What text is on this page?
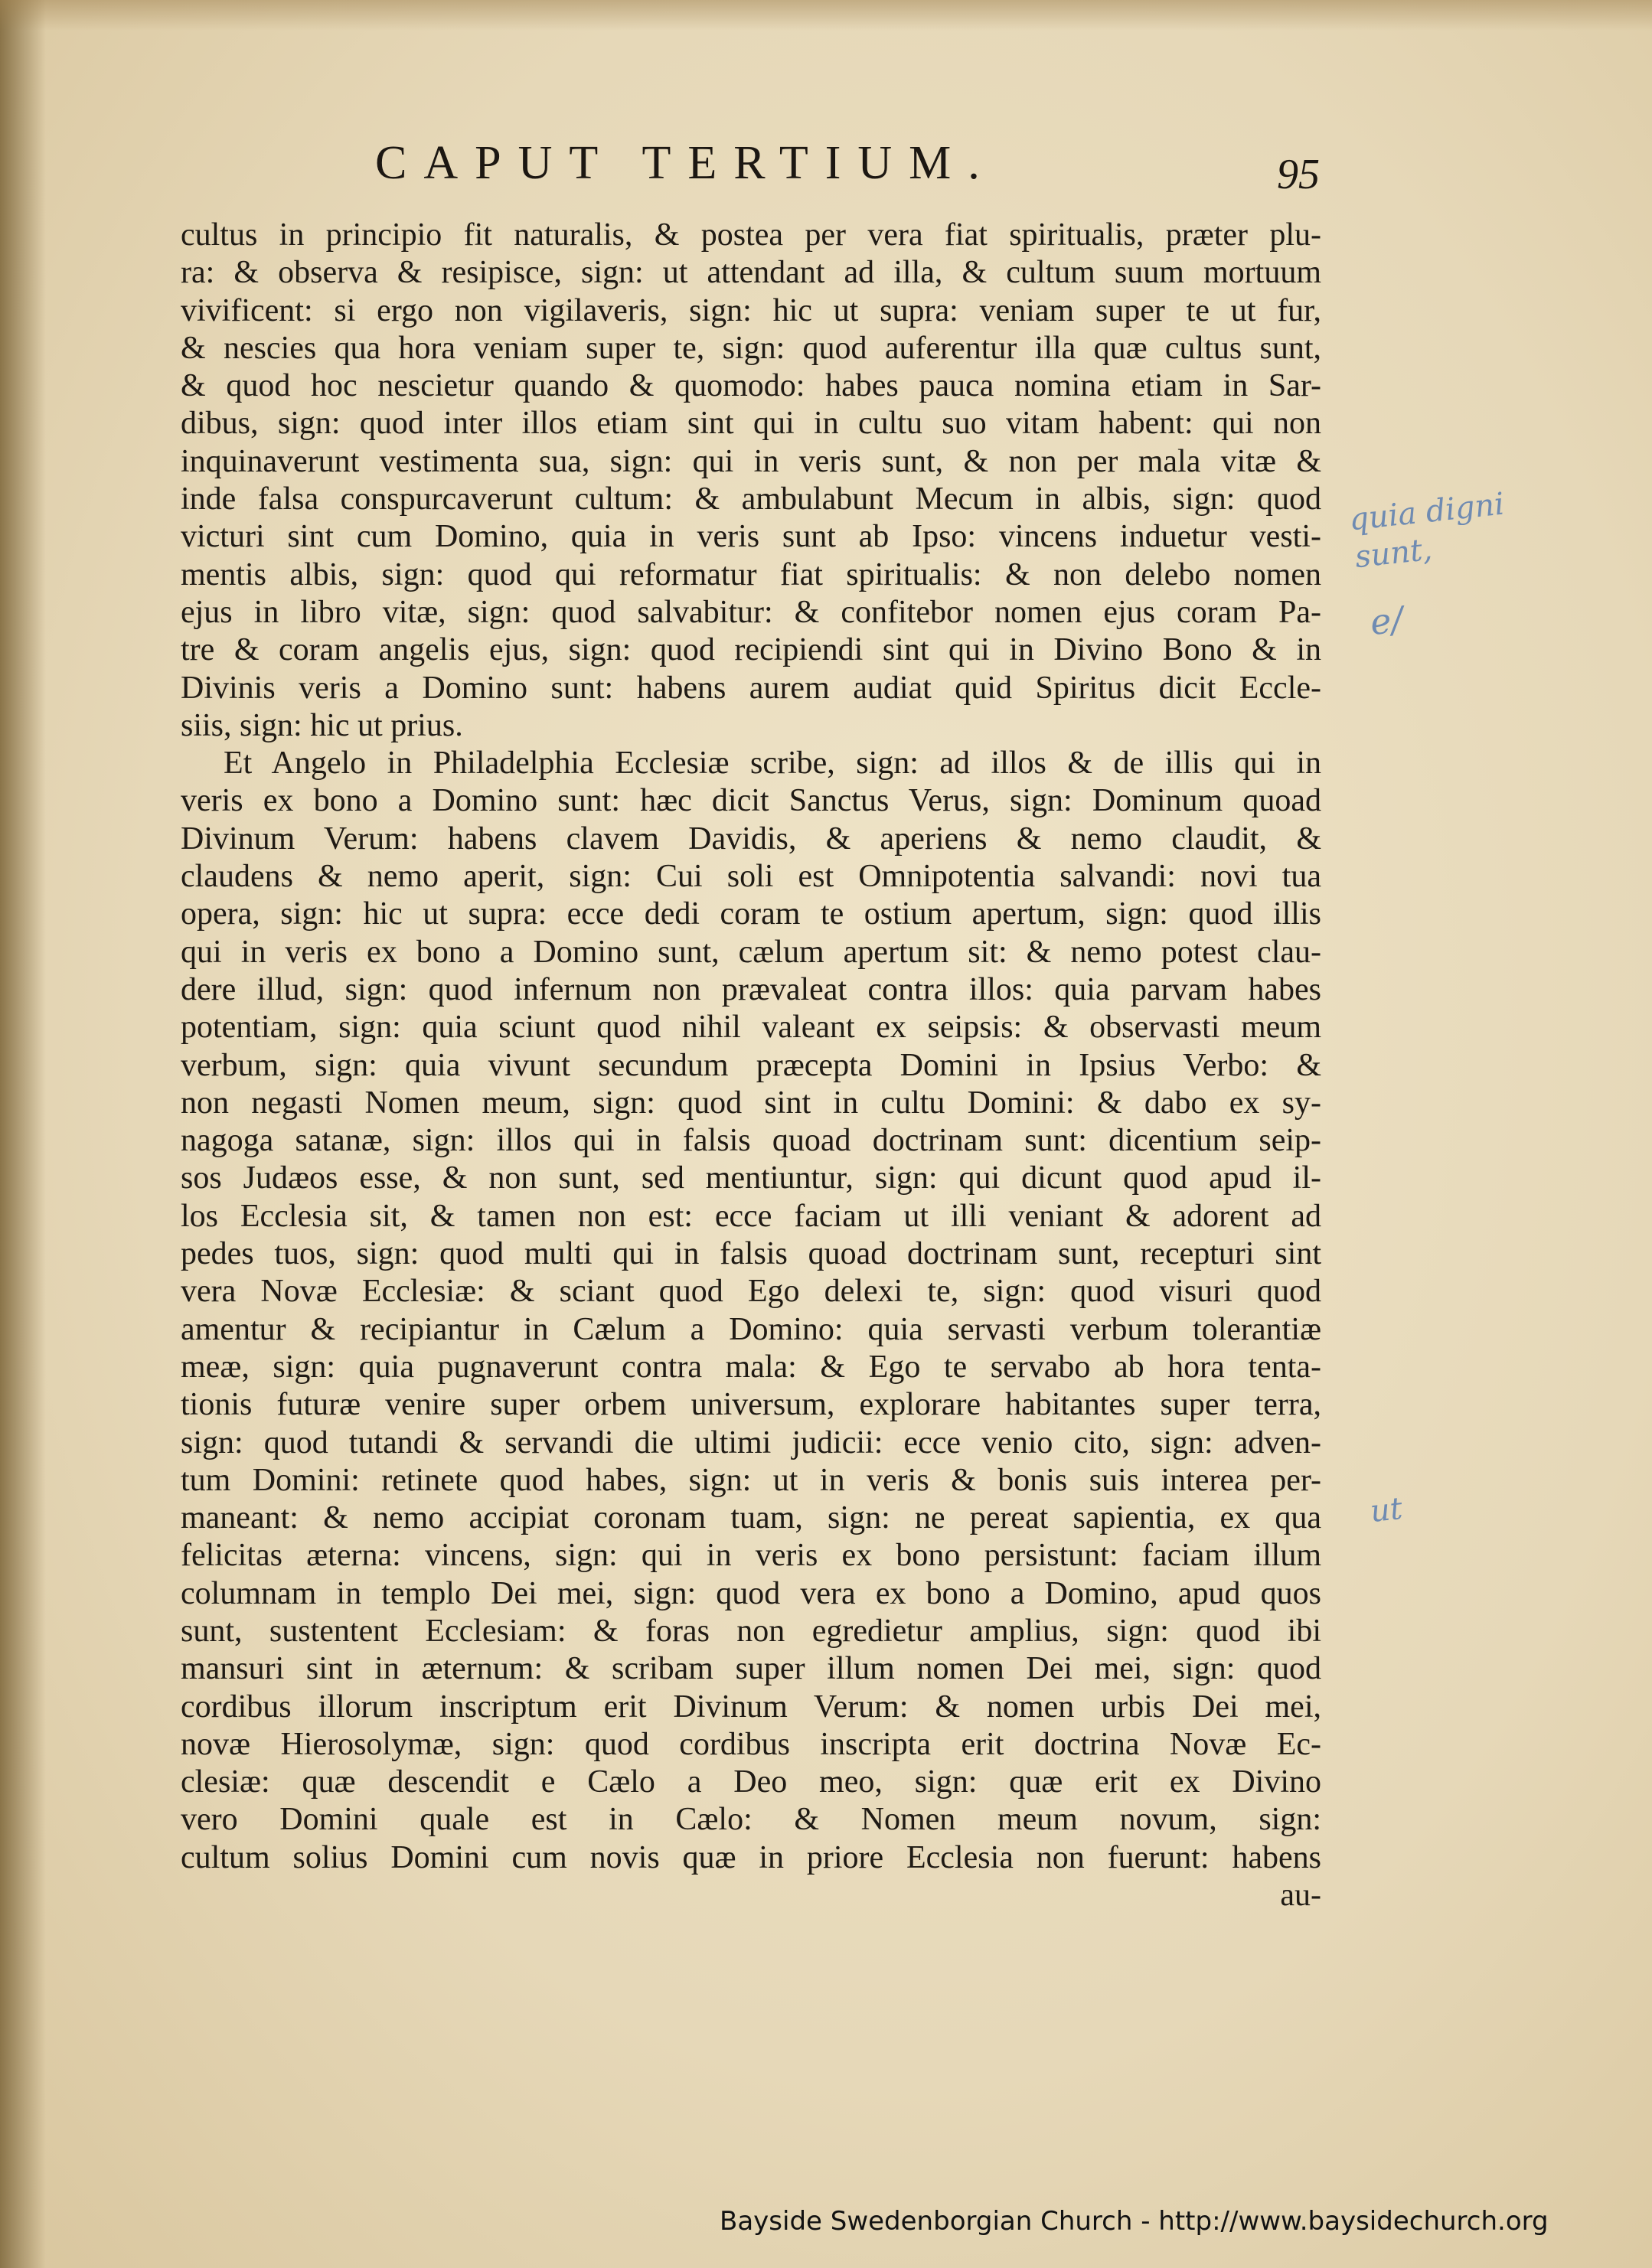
CAPUT TERTIUM.	95
cultus in principio fit naturalis, & postea per vera fiat spiritualis, præter plu-
ra: & observa & resipisce, sign: ut attendant ad illa, & cultum suum mortuum
vivificent: si ergo non vigilaveris, sign: hic ut supra: veniam super te ut fur,
& nescies qua hora veniam super te, sign: quod auferentur illa quæ cultus sunt,
& quod hoc nescietur quando & quomodo: habes pauca nomina etiam in Sar-
dibus, sign: quod inter illos etiam sint qui in cultu suo vitam habent: qui non
inquinaverunt vestimenta sua, sign: qui in veris sunt, & non per mala vitæ &
inde falsa conspurcaverunt cultum: & ambulabunt Mecum in albis, sign: quod
victuri sint cum Domino, quia in veris sunt ab Ipso: vincens induetur vesti-
mentis albis, sign: quod qui reformatur fiat spiritualis: & non delebo nomen
ejus in libro vitæ, sign: quod salvabitur: & confitebor nomen ejus coram Pa-
tre & coram angelis ejus, sign: quod recipiendi sint qui in Divino Bono & in
Divinis veris a Domino sunt: habens aurem audiat quid Spiritus dicit Eccle-
siis, sign: hic ut prius.
Et Angelo in Philadelphia Ecclesiæ scribe, sign: ad illos & de illis qui in
veris ex bono a Domino sunt: hæc dicit Sanctus Verus, sign: Dominum quoad
Divinum Verum: habens clavem Davidis, & aperiens & nemo claudit, &
claudens & nemo aperit, sign: Cui soli est Omnipotentia salvandi: novi tua
opera, sign: hic ut supra: ecce dedi coram te ostium apertum, sign: quod illis
qui in veris ex bono a Domino sunt, cælum apertum sit: & nemo potest clau-
dere illud, sign: quod infernum non prævaleat contra illos: quia parvam habes
potentiam, sign: quia sciunt quod nihil valeant ex seipsis: & observasti meum
verbum, sign: quia vivunt secundum præcepta Domini in Ipsius Verbo: &
non negasti Nomen meum, sign: quod sint in cultu Domini: & dabo ex sy-
nagoga satanæ, sign: illos qui in falsis quoad doctrinam sunt: dicentium seip-
sos Judæos esse, & non sunt, sed mentiuntur, sign: qui dicunt quod apud il-
los Ecclesia sit, & tamen non est: ecce faciam ut illi veniant & adorent ad
pedes tuos, sign: quod multi qui in falsis quoad doctrinam sunt, recepturi sint
vera Novæ Ecclesiæ: & sciant quod Ego delexi te, sign: quod visuri quod
amentur & recipiantur in Cælum a Domino: quia servasti verbum tolerantiæ
meæ, sign: quia pugnaverunt contra mala: & Ego te servabo ab hora tenta-
tionis futuræ venire super orbem universum, explorare habitantes super terra,
sign: quod tutandi & servandi die ultimi judicii: ecce venio cito, sign: adven-
tum Domini: retinete quod habes, sign: ut in veris & bonis suis interea per-
maneant: & nemo accipiat coronam tuam, sign: ne pereat sapientia, ex qua
felicitas æterna: vincens, sign: qui in veris ex bono persistunt: faciam illum
columnam in templo Dei mei, sign: quod vera ex bono a Domino, apud quos
sunt, sustentent Ecclesiam: & foras non egredietur amplius, sign: quod ibi
mansuri sint in æternum: & scribam super illum nomen Dei mei, sign: quod
cordibus illorum inscriptum erit Divinum Verum: & nomen urbis Dei mei,
novæ Hierosolymæ, sign: quod cordibus inscripta erit doctrina Novæ Ec-
clesiæ: quæ descendit e Cælo a Deo meo, sign: quæ erit ex Divino
vero Domini quale est in Cælo: & Nomen meum novum, sign:
cultum solius Domini cum novis quæ in priore Ecclesia non fuerunt: habens
au-
quia digni
sunt,
e/
ut
Bayside Swedenborgian Church - http://www.baysidechurch.org
